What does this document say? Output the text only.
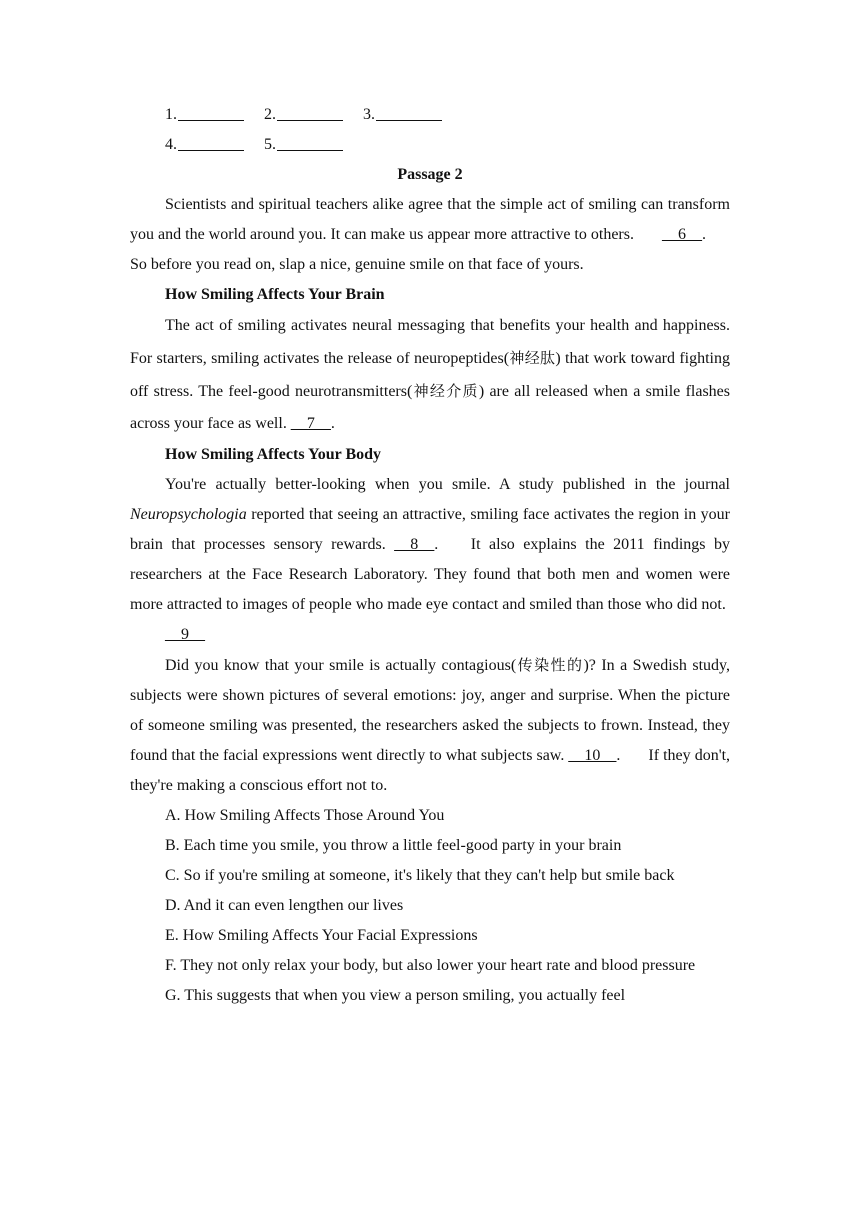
1.	2.	3.
4.	5.
Passage 2

Scientists and spiritual teachers alike agree that the simple act of smiling can transform you and the world around you. It can make us appear more attractive to others. __6__. So before you read on, slap a nice, genuine smile on that face of yours.

How Smiling Affects Your Brain

The act of smiling activates neural messaging that benefits your health and happiness. For starters, smiling activates the release of neuropeptides(神经肽) that work toward fighting off stress. The feel-good neurotransmitters(神经介质) are all released when a smile flashes across your face as well. __7__.

How Smiling Affects Your Body

You're actually better-looking when you smile. A study published in the journal Neuropsychologia reported that seeing an attractive, smiling face activates the region in your brain that processes sensory rewards. __8__. It also explains the 2011 findings by researchers at the Face Research Laboratory. They found that both men and women were more attracted to images of people who made eye contact and smiled than those who did not.

__9__

Did you know that your smile is actually contagious(传染性的)? In a Swedish study, subjects were shown pictures of several emotions: joy, anger and surprise. When the picture of someone smiling was presented, the researchers asked the subjects to frown. Instead, they found that the facial expressions went directly to what subjects saw. __10__. If they don't, they're making a conscious effort not to.

A. How Smiling Affects Those Around You
B. Each time you smile, you throw a little feel-good party in your brain
C. So if you're smiling at someone, it's likely that they can't help but smile back
D. And it can even lengthen our lives
E. How Smiling Affects Your Facial Expressions

F. They not only relax your body, but also lower your heart rate and blood pressure

G. This suggests that when you view a person smiling, you actually feel
